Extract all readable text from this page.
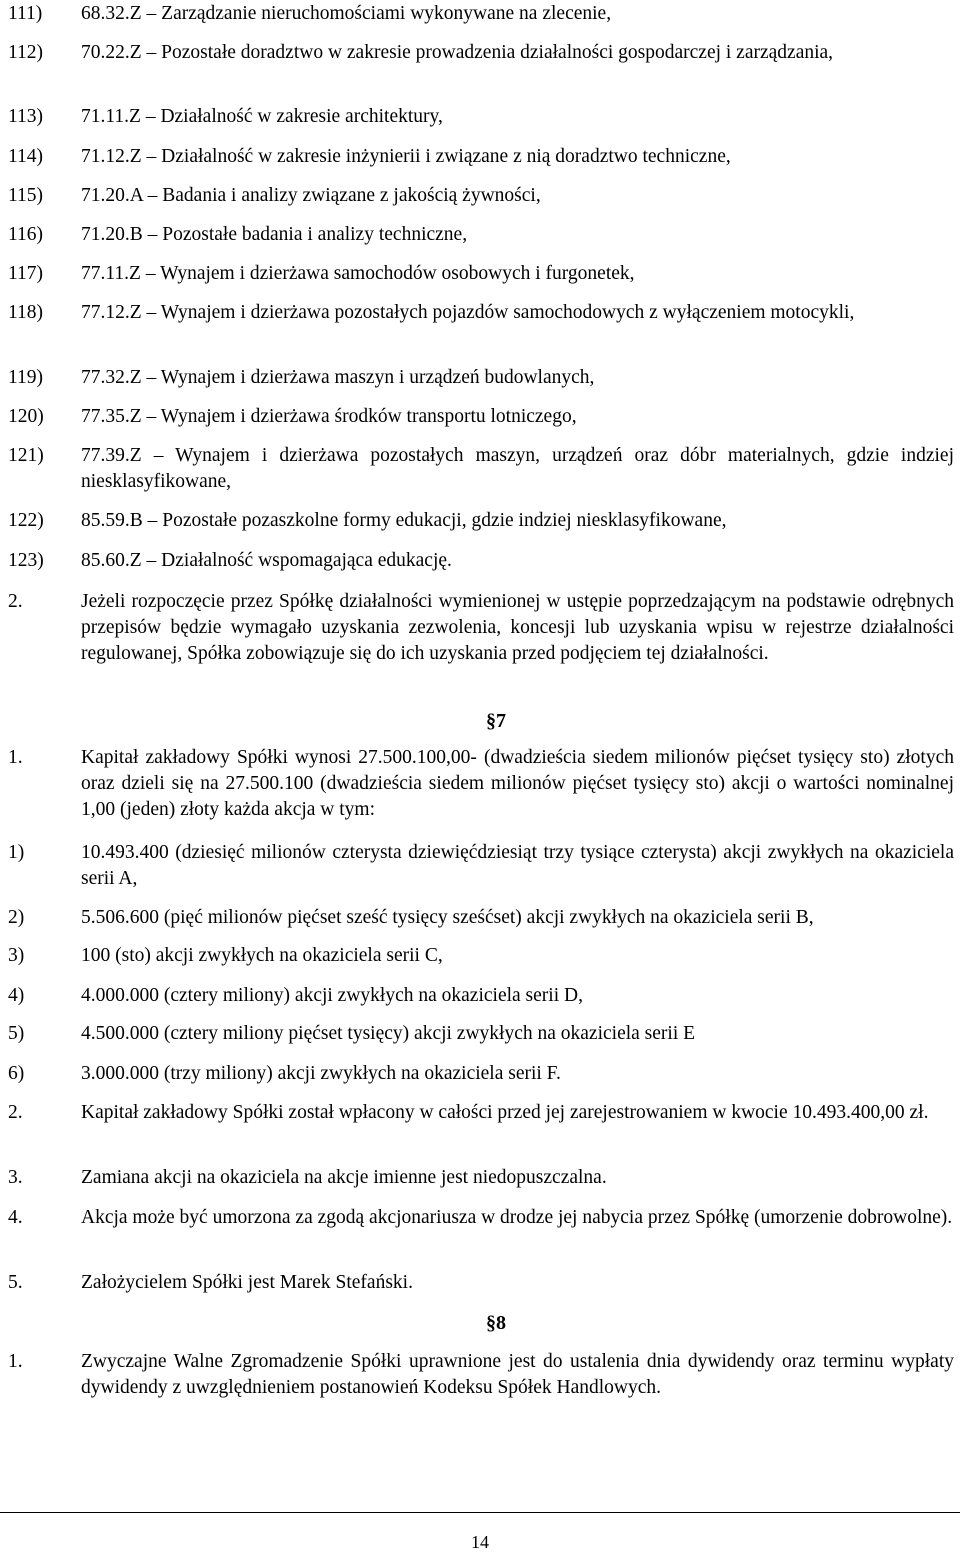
111)	68.32.Z – Zarządzanie nieruchomościami wykonywane na zlecenie,
112)	70.22.Z – Pozostałe doradztwo w zakresie prowadzenia działalności gospodarczej i zarządzania,
113)	71.11.Z – Działalność w zakresie architektury,
114)	71.12.Z – Działalność w zakresie inżynierii i związane z nią doradztwo techniczne,
115)	71.20.A – Badania i analizy związane z jakością żywności,
116)	71.20.B – Pozostałe badania i analizy techniczne,
117)	77.11.Z – Wynajem i dzierżawa samochodów osobowych i furgonetek,
118)	77.12.Z – Wynajem i dzierżawa pozostałych pojazdów samochodowych z wyłączeniem motocykli,
119)	77.32.Z – Wynajem i dzierżawa maszyn i urządzeń budowlanych,
120)	77.35.Z – Wynajem i dzierżawa środków transportu lotniczego,
121)	77.39.Z – Wynajem i dzierżawa pozostałych maszyn, urządzeń oraz dóbr materialnych, gdzie indziej niesklasyfikowane,
122)	85.59.B – Pozostałe pozaszkolne formy edukacji, gdzie indziej niesklasyfikowane,
123)	85.60.Z – Działalność wspomagająca edukację.
2.	Jeżeli rozpoczęcie przez Spółkę działalności wymienionej w ustępie poprzedzającym na podstawie odrębnych przepisów będzie wymagało uzyskania zezwolenia, koncesji lub uzyskania wpisu w rejestrze działalności regulowanej, Spółka zobowiązuje się do ich uzyskania przed podjęciem tej działalności.
§7
1.	Kapitał zakładowy Spółki wynosi 27.500.100,00- (dwadzieścia siedem milionów pięćset tysięcy sto) złotych oraz dzieli się na 27.500.100 (dwadzieścia siedem milionów pięćset tysięcy sto) akcji o wartości nominalnej 1,00 (jeden) złoty każda akcja w tym:
1)	10.493.400 (dziesięć milionów czterysta dziewięćdziesiąt trzy tysiące czterysta) akcji zwykłych na okaziciela serii A,
2)	5.506.600 (pięć milionów pięćset sześć tysięcy sześćset) akcji zwykłych na okaziciela serii B,
3)	100 (sto) akcji zwykłych na okaziciela serii C,
4)	4.000.000 (cztery miliony) akcji zwykłych na okaziciela serii D,
5)	4.500.000 (cztery miliony pięćset tysięcy) akcji zwykłych na okaziciela serii E
6)	3.000.000 (trzy miliony) akcji zwykłych na okaziciela serii F.
2.	Kapitał zakładowy Spółki został wpłacony w całości przed jej zarejestrowaniem w kwocie 10.493.400,00 zł.
3.	Zamiana akcji na okaziciela na akcje imienne jest niedopuszczalna.
4.	Akcja może być umorzona za zgodą akcjonariusza w drodze jej nabycia przez Spółkę (umorzenie dobrowolne).
5.	Założycielem Spółki jest Marek Stefański.
§8
1.	Zwyczajne Walne Zgromadzenie Spółki uprawnione jest do ustalenia dnia dywidendy oraz terminu wypłaty dywidendy z uwzględnieniem postanowień Kodeksu Spółek Handlowych.
14
